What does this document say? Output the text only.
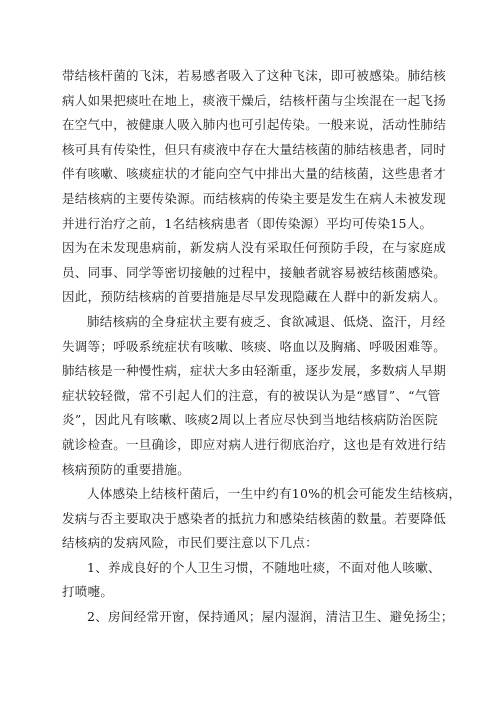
带结核杆菌的飞沫，若易感者吸入了这种飞沫，即可被感染。肺结核
病人如果把痰吐在地上，痰液干燥后，结核杆菌与尘埃混在一起飞扬
在空气中，被健康人吸入肺内也可引起传染。一般来说，活动性肺结
核可具有传染性，但只有痰液中存在大量结核菌的肺结核患者，同时
伴有咳嗽、咳痰症状的才能向空气中排出大量的结核菌，这些患者才
是结核病的主要传染源。而结核病的传染主要是发生在病人未被发现
并进行治疗之前，1名结核病患者（即传染源）平均可传染15人。
因为在未发现患病前，新发病人没有采取任何预防手段，在与家庭成
员、同事、同学等密切接触的过程中，接触者就容易被结核菌感染。
因此，预防结核病的首要措施是尽早发现隐藏在人群中的新发病人。
肺结核病的全身症状主要有疲乏、食欲减退、低烧、盗汗，月经
失调等；呼吸系统症状有咳嗽、咳痰、咯血以及胸痛、呼吸困难等。
肺结核是一种慢性病，症状大多由轻渐重，逐步发展，多数病人早期
症状较轻微，常不引起人们的注意，有的被误认为是“感冒”、“气管
炎”，因此凡有咳嗽、咳痰2周以上者应尽快到当地结核病防治医院
就诊检查。一旦确诊，即应对病人进行彻底治疗，这也是有效进行结
核病预防的重要措施。
人体感染上结核杆菌后，一生中约有10%的机会可能发生结核病，
发病与否主要取决于感染者的抵抗力和感染结核菌的数量。若要降低
结核病的发病风险，市民们要注意以下几点：
1、养成良好的个人卫生习惯，不随地吐痰，不面对他人咳嗽、
打喷嚏。
2、房间经常开窗，保持通风；屋内湿润，清洁卫生、避免扬尘；
